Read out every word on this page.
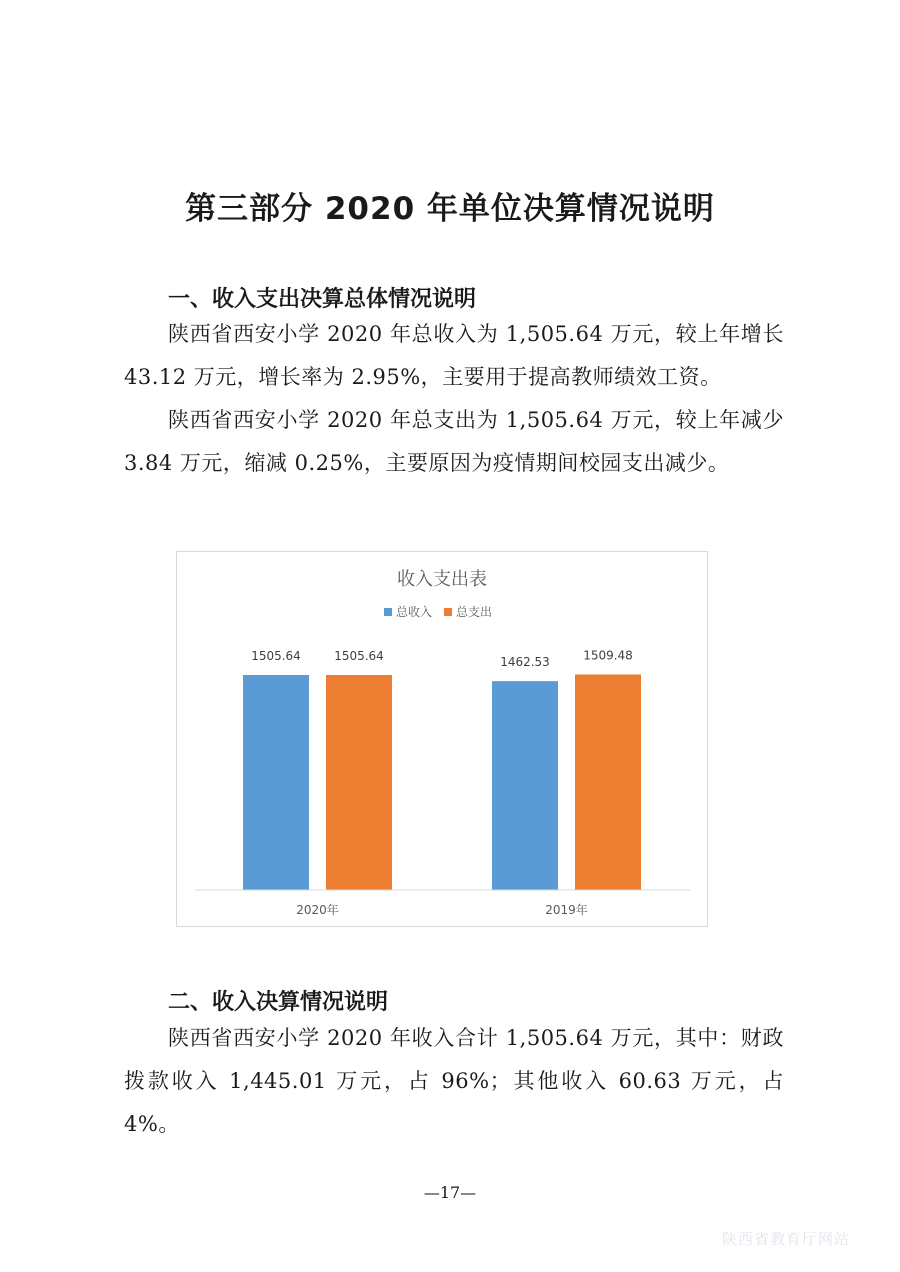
第三部分 2020 年单位决算情况说明
一、收入支出决算总体情况说明

陕西省西安小学 2020 年总收入为 1,505.64 万元，较上年增长 43.12 万元，增长率为 2.95%，主要用于提高教师绩效工资。

陕西省西安小学 2020 年总支出为 1,505.64 万元，较上年减少 3.84 万元，缩减 0.25%，主要原因为疫情期间校园支出减少。

收入支出表
总收入 总支出
1505.64	1505.64	1462.53	1509.48
2020年	2019年
二、收入决算情况说明

陕西省西安小学 2020 年收入合计 1,505.64 万元，其中：财政拨款收入 1,445.01 万元，占 96%；其他收入 60.63 万元，占 4%。

—17—

陕西省教育厅网站
